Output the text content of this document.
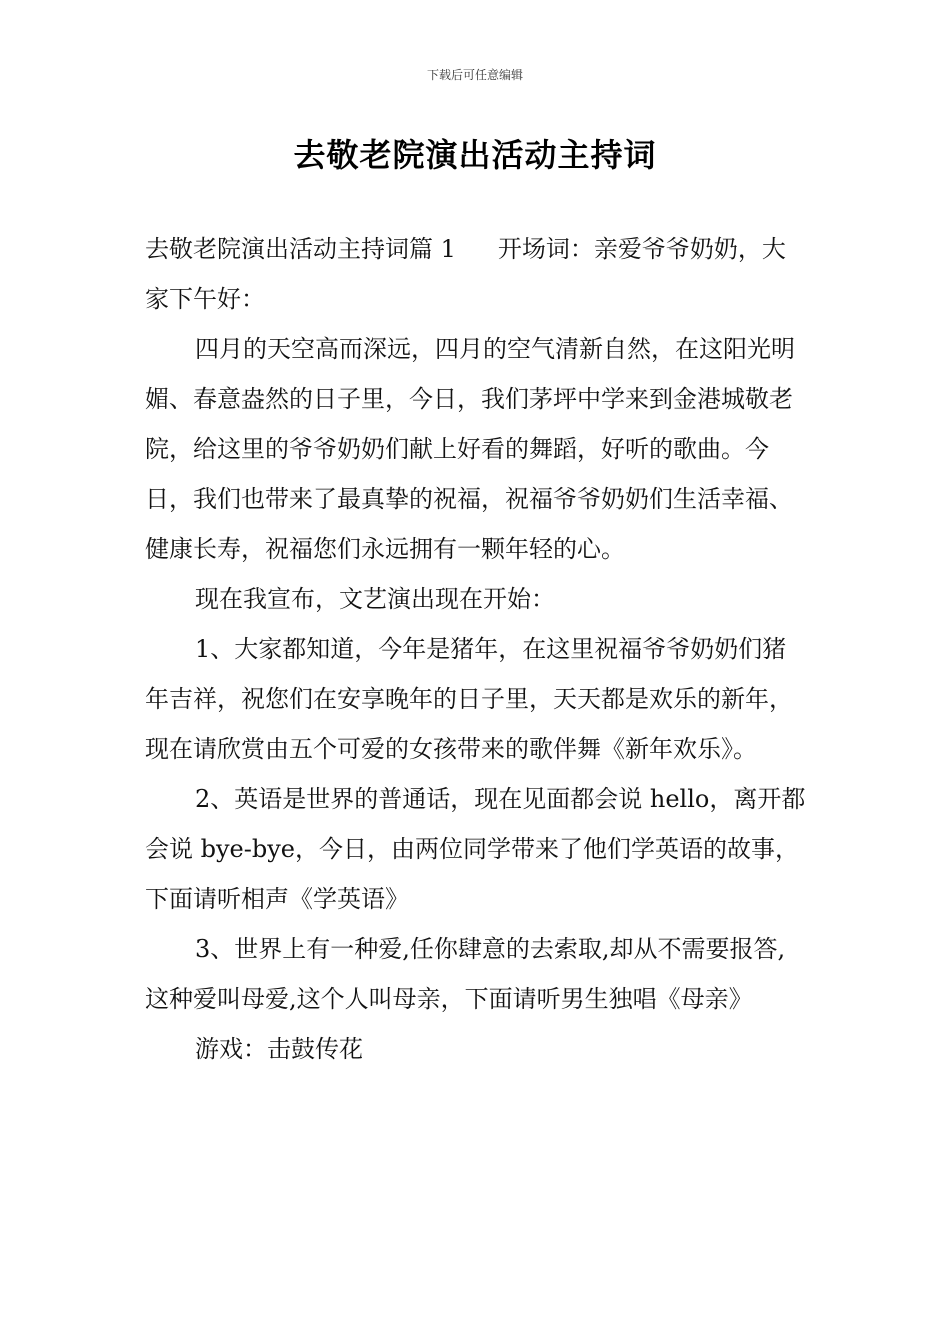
下载后可任意编辑
去敬老院演出活动主持词

去敬老院演出活动主持词篇 1 开场词：亲爱爷爷奶奶，大家下午好：

四月的天空高而深远，四月的空气清新自然，在这阳光明媚、春意盎然的日子里，今日，我们茅坪中学来到金港城敬老院，给这里的爷爷奶奶们献上好看的舞蹈，好听的歌曲。今日，我们也带来了最真挚的祝福，祝福爷爷奶奶们生活幸福、健康长寿，祝福您们永远拥有一颗年轻的心。

现在我宣布，文艺演出现在开始：

1、大家都知道，今年是猪年，在这里祝福爷爷奶奶们猪年吉祥，祝您们在安享晚年的日子里，天天都是欢乐的新年，现在请欣赏由五个可爱的女孩带来的歌伴舞《新年欢乐》。

2、英语是世界的普通话，现在见面都会说 hello，离开都会说 bye-bye，今日，由两位同学带来了他们学英语的故事，下面请听相声《学英语》

3、世界上有一种爱,任你肆意的去索取,却从不需要报答,这种爱叫母爱,这个人叫母亲，下面请听男生独唱《母亲》

游戏：击鼓传花
